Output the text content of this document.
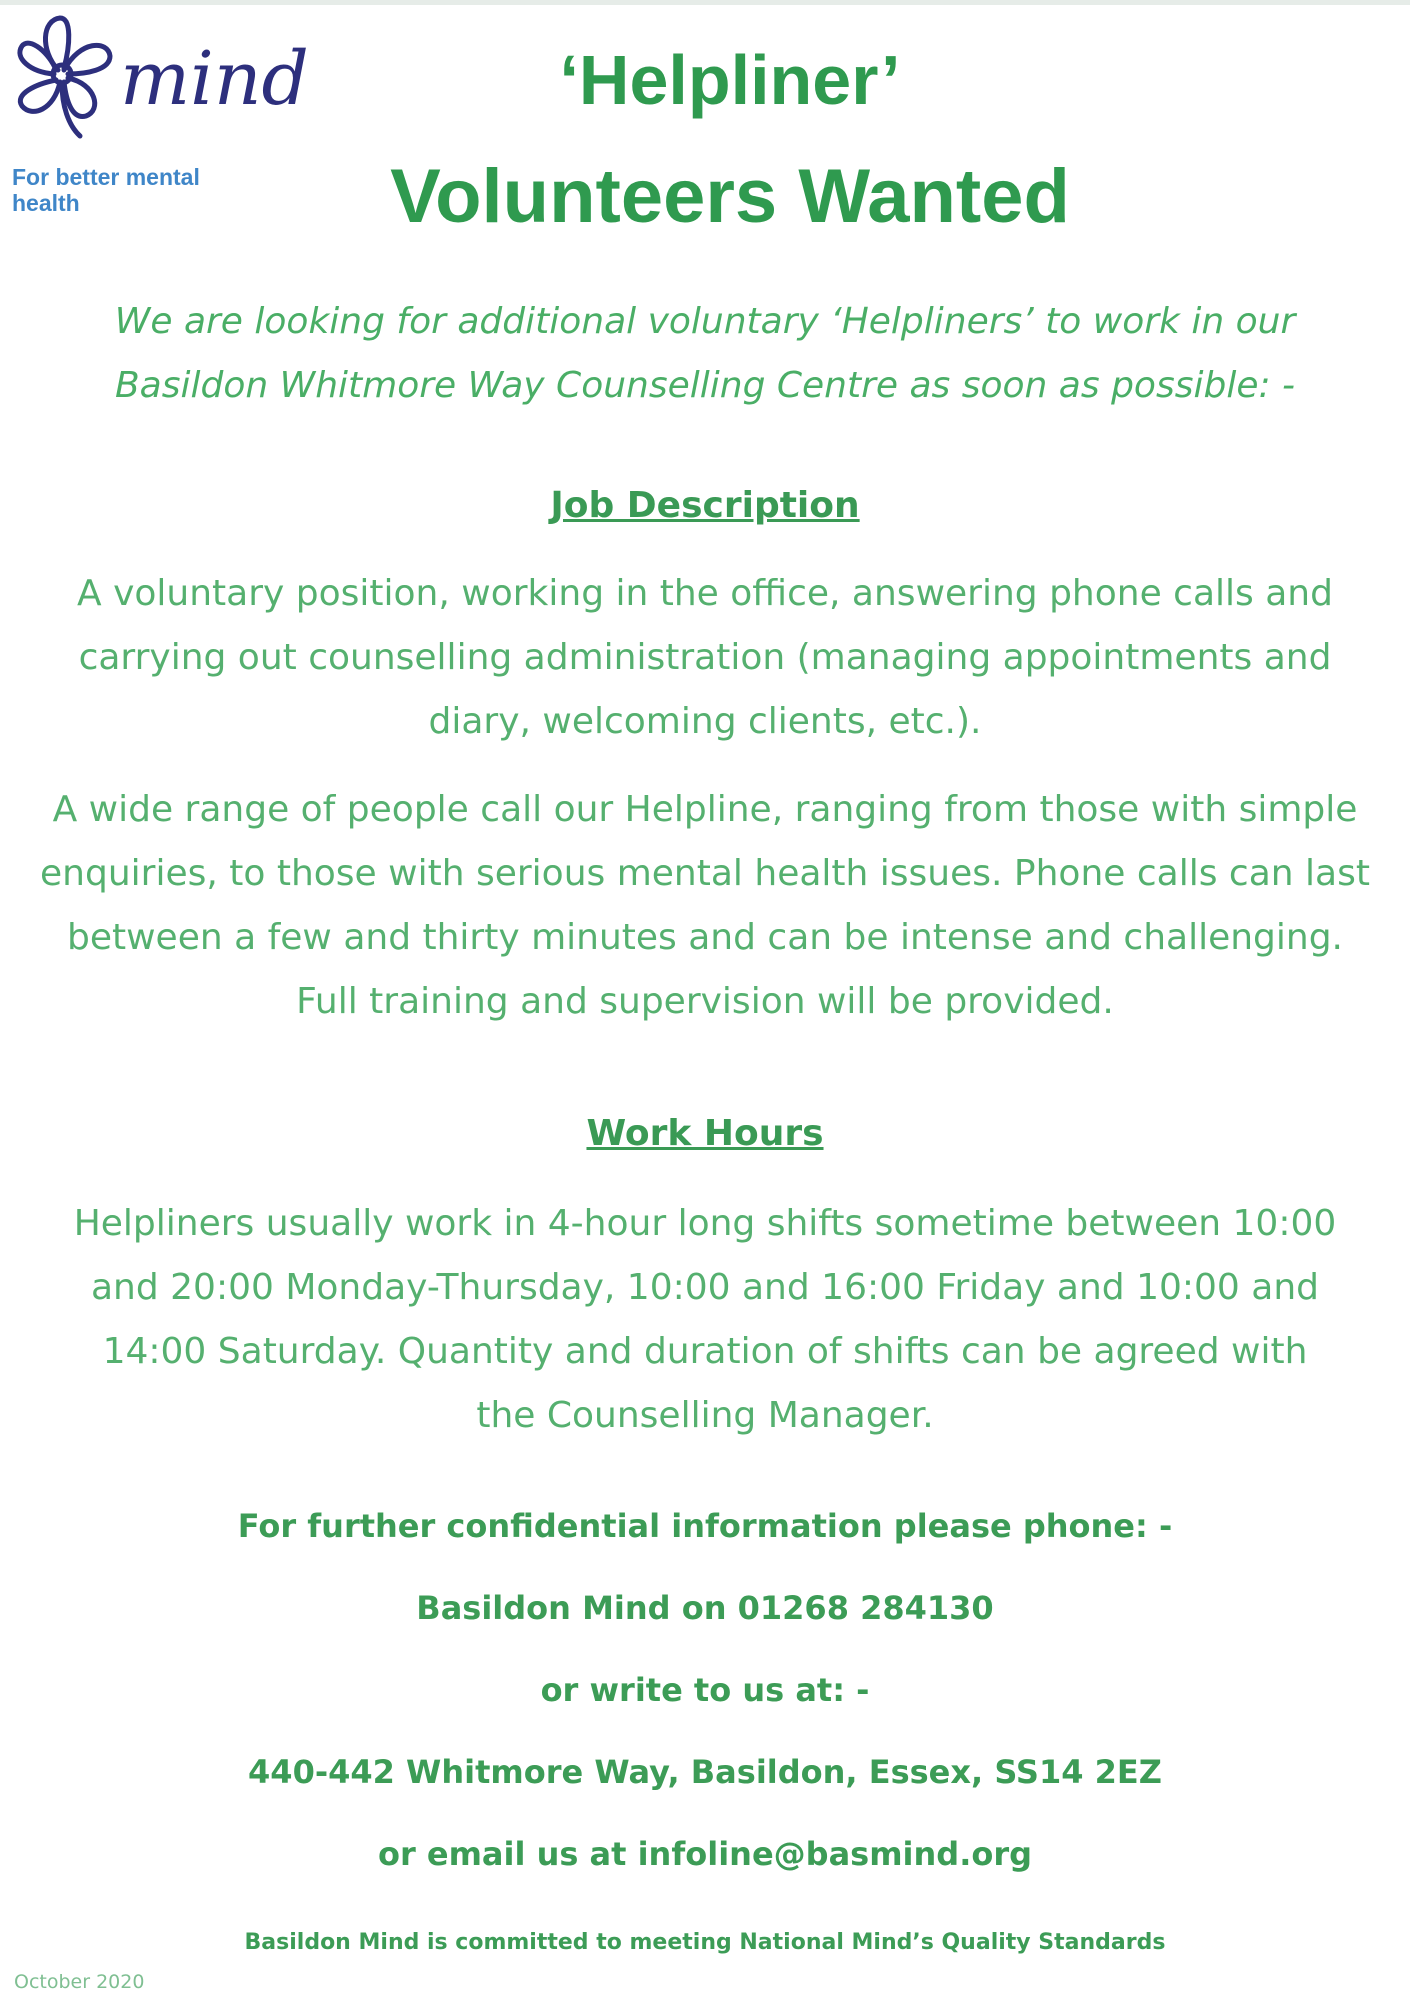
mind
For better mental health
‘Helpliner’
Volunteers Wanted

We are looking for additional voluntary ‘Helpliners’ to work in our Basildon Whitmore Way Counselling Centre as soon as possible: -

Job Description

A voluntary position, working in the office, answering phone calls and carrying out counselling administration (managing appointments and diary, welcoming clients, etc.).

A wide range of people call our Helpline, ranging from those with simple enquiries, to those with serious mental health issues. Phone calls can last between a few and thirty minutes and can be intense and challenging. Full training and supervision will be provided.

Work Hours

Helpliners usually work in 4-hour long shifts sometime between 10:00 and 20:00 Monday-Thursday, 10:00 and 16:00 Friday and 10:00 and 14:00 Saturday. Quantity and duration of shifts can be agreed with the Counselling Manager.

For further confidential information please phone: -

Basildon Mind on 01268 284130

or write to us at: -

440-442 Whitmore Way, Basildon, Essex, SS14 2EZ

or email us at infoline@basmind.org

Basildon Mind is committed to meeting National Mind’s Quality Standards

October 2020
